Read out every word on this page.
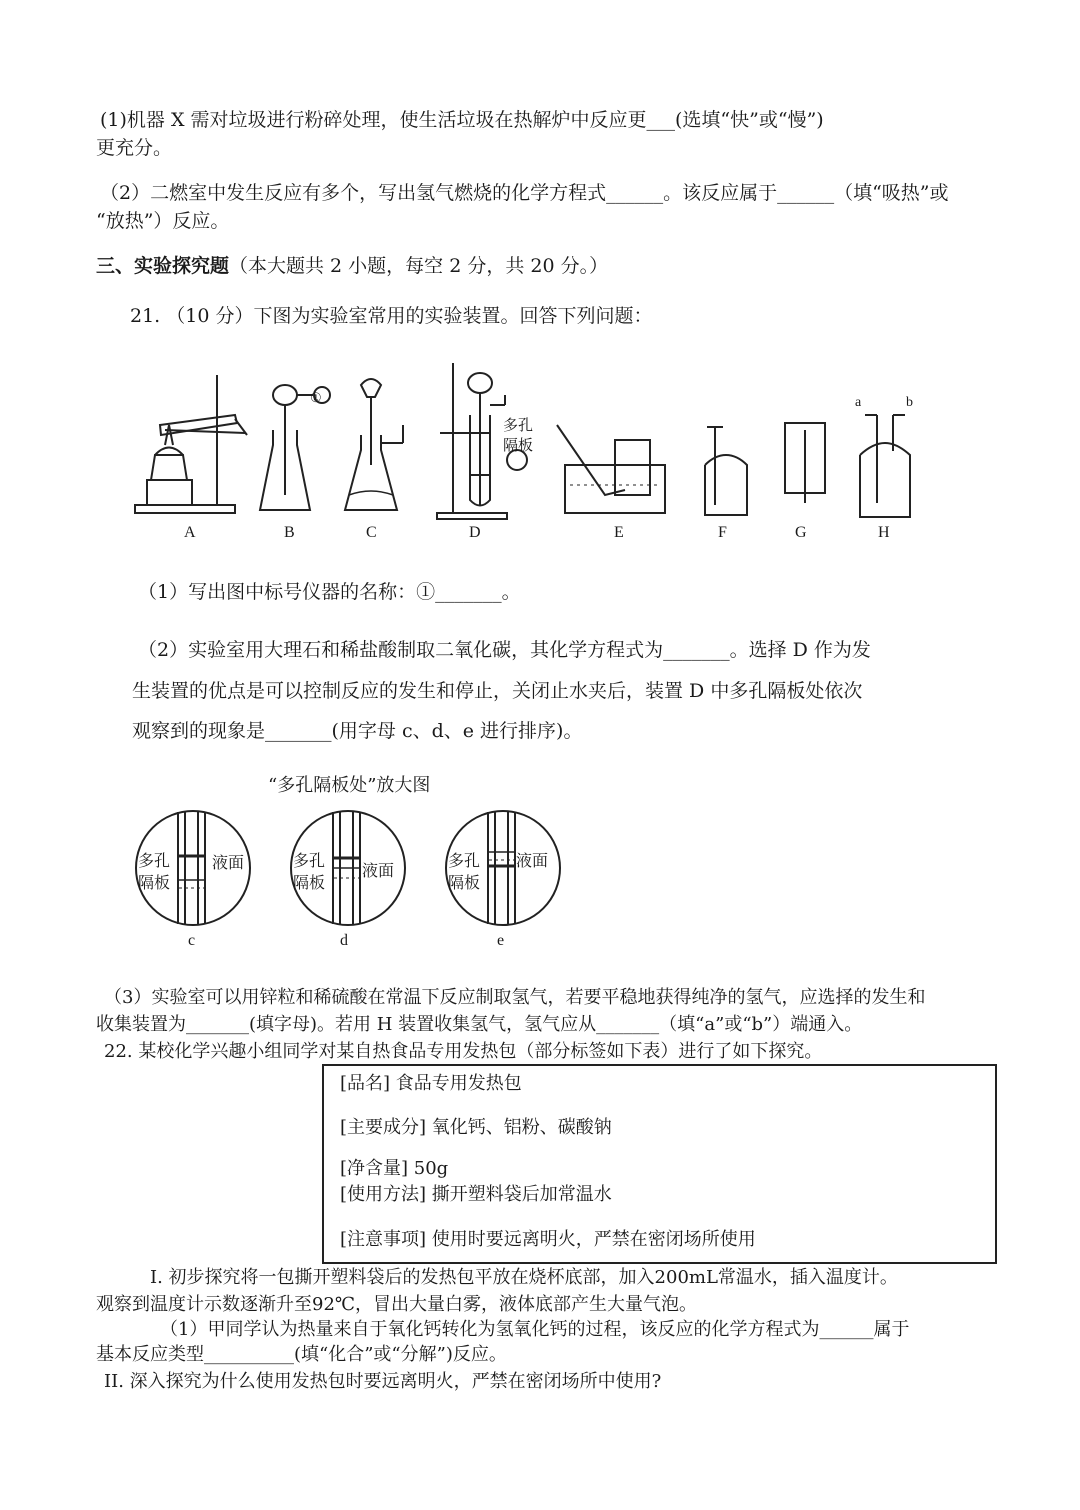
(1)机器 X 需对垃圾进行粉碎处理，使生活垃圾在热解炉中反应更___(选填“快”或“慢”)
更充分。
（2）二燃室中发生反应有多个，写出氢气燃烧的化学方程式______。该反应属于______（填“吸热”或
“放热”）反应。
三、实验探究题（本大题共 2 小题，每空 2 分，共 20 分。）
21. （10 分）下图为实验室常用的实验装置。回答下列问题：
①
多孔
隔板
a	b
A	B	C	D	E	F	G	H
（1）写出图中标号仪器的名称：①_______。
（2）实验室用大理石和稀盐酸制取二氧化碳，其化学方程式为_______。选择 D 作为发
生装置的优点是可以控制反应的发生和停止，关闭止水夹后，装置 D 中多孔隔板处依次
观察到的现象是_______(用字母 c、d、e 进行排序)。
“多孔隔板处”放大图
多孔
隔板
液面	多孔
隔板
液面
多孔
隔板
液面
c	d	e
（3）实验室可以用锌粒和稀硫酸在常温下反应制取氢气，若要平稳地获得纯净的氢气，应选择的发生和
收集装置为_______(填字母)。若用 H 装置收集氢气，氢气应从_______（填“a”或“b”）端通入。
22. 某校化学兴趣小组同学对某自热食品专用发热包（部分标签如下表）进行了如下探究。
[品名] 食品专用发热包
[主要成分] 氧化钙、铝粉、碳酸钠
[净含量] 50g
[使用方法] 撕开塑料袋后加常温水
[注意事项] 使用时要远离明火，严禁在密闭场所使用
I. 初步探究将一包撕开塑料袋后的发热包平放在烧杯底部，加入200mL常温水，插入温度计。
观察到温度计示数逐渐升至92℃，冒出大量白雾，液体底部产生大量气泡。
（1）甲同学认为热量来自于氧化钙转化为氢氧化钙的过程，该反应的化学方程式为______属于
基本反应类型__________(填“化合”或“分解”)反应。
II. 深入探究为什么使用发热包时要远离明火，严禁在密闭场所中使用?
